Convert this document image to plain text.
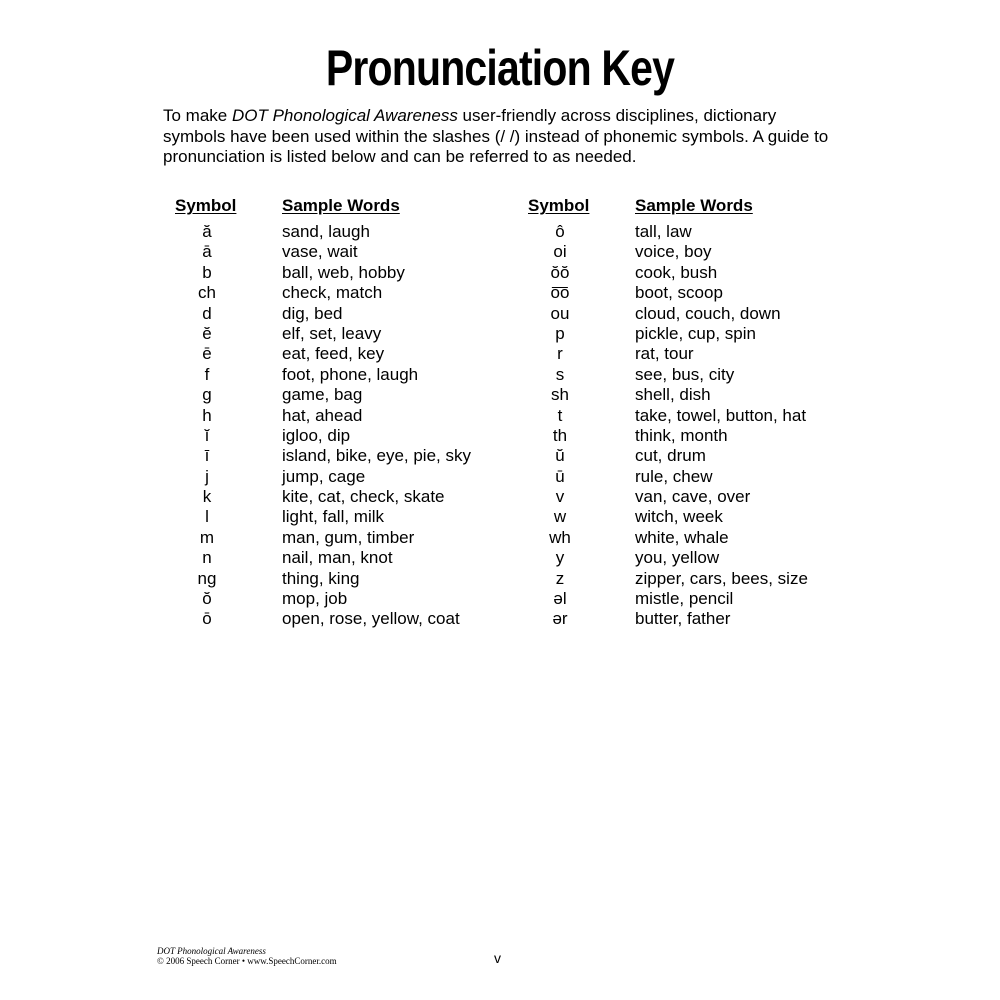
Pronunciation Key
To make DOT Phonological Awareness user-friendly across disciplines, dictionary symbols have been used within the slashes (/ /) instead of phonemic symbols. A guide to pronunciation is listed below and can be referred to as needed.
Symbol	Sample Words
ă	sand, laugh
ā	vase, wait
b	ball, web, hobby
ch	check, match
d	dig, bed
ĕ	elf, set, leavy
ē	eat, feed, key
f	foot, phone, laugh
g	game, bag
h	hat, ahead
ĭ	igloo, dip
ī	island, bike, eye, pie, sky
j	jump, cage
k	kite, cat, check, skate
l	light, fall, milk
m	man, gum, timber
n	nail, man, knot
ng	thing, king
ŏ	mop, job
ō	open, rose, yellow, coat
Symbol	Sample Words
ô	tall, law
oi	voice, boy
ŏŏ	cook, bush
o͞o	boot, scoop
ou	cloud, couch, down
p	pickle, cup, spin
r	rat, tour
s	see, bus, city
sh	shell, dish
t	take, towel, button, hat
th	think, month
ŭ	cut, drum
ū	rule, chew
v	van, cave, over
w	witch, week
wh	white, whale
y	you, yellow
z	zipper, cars, bees, size
əl	mistle, pencil
ər	butter, father
DOT Phonological Awareness
© 2006 Speech Corner • www.SpeechCorner.com	v
